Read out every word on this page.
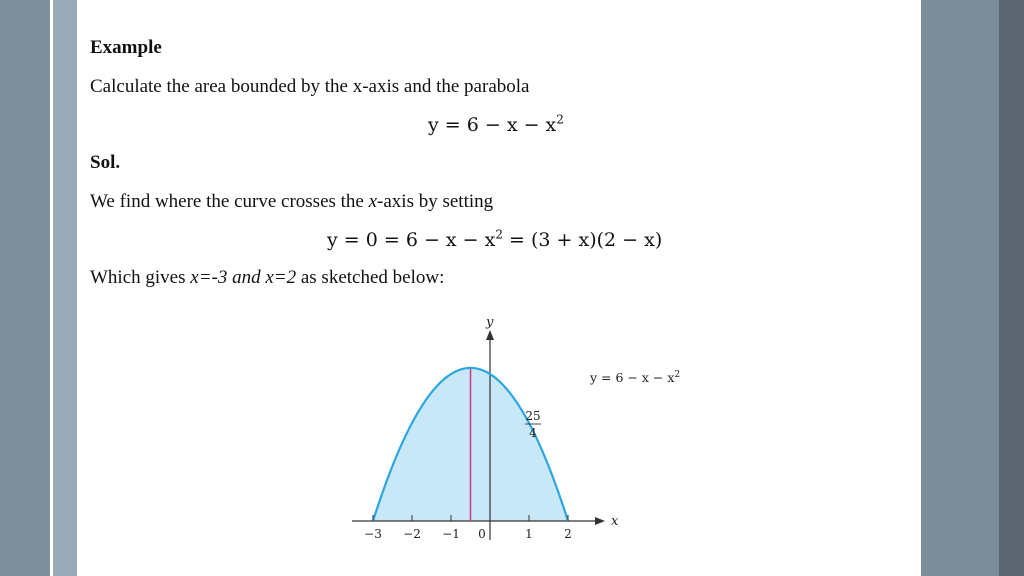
Example
Calculate the area bounded by the x-axis and the parabola
$y = 6 - x - x^2$
Sol.
We find where the curve crosses the x-axis by setting
$y = 0 = 6 - x - x^2 = (3 + x)(2 - x)$
Which gives x=-3 and x=2 as sketched below:
−3 −2 −1 0	1	2
y
x
$y = 6 - x - x^2$
25
4
